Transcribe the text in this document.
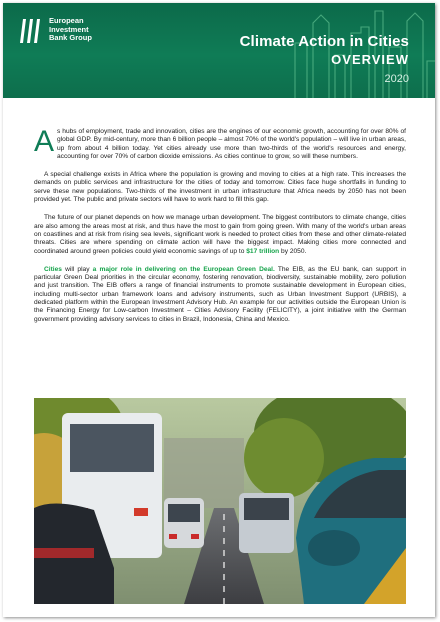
European
Investment
Bank Group	Climate Action in Cities
OVERVIEW
2020

As hubs of employment, trade and innovation, cities are the engines of our economic growth, accounting for over 80% of global GDP. By mid-century, more than 6 billion people – almost 70% of the world's population – will live in urban areas, up from about 4 billion today. Yet cities already use more than two-thirds of the world's resources and energy, accounting for over 70% of carbon dioxide emissions. As cities continue to grow, so will these numbers.

A special challenge exists in Africa where the population is growing and moving to cities at a high rate. This increases the demands on public services and infrastructure for the cities of today and tomorrow. Cities face huge shortfalls in funding to serve these new populations. Two-thirds of the investment in urban infrastructure that Africa needs by 2050 has not been provided yet. The public and private sectors will have to work hard to fill this gap.

The future of our planet depends on how we manage urban development. The biggest contributors to climate change, cities are also among the areas most at risk, and thus have the most to gain from going green. With many of the world's urban areas on coastlines and at risk from rising sea levels, significant work is needed to protect cities from these and other climate-related threats. Cities are where spending on climate action will have the biggest impact. Making cities more connected and coordinated around green policies could yield economic savings of up to $17 trillion by 2050.

Cities will play a major role in delivering on the European Green Deal. The EIB, as the EU bank, can support in particular Green Deal priorities in the circular economy, fostering renovation, biodiversity, sustainable mobility, zero pollution and just transition. The EIB offers a range of financial instruments to promote sustainable development in European cities, including multi-sector urban framework loans and advisory instruments, such as Urban Investment Support (URBIS), a dedicated platform within the European Investment Advisory Hub. An example for our activities outside the European Union is the Financing Energy for Low-carbon Investment – Cities Advisory Facility (FELICITY), a joint initiative with the German government providing advisory services to cities in Brazil, Indonesia, China and Mexico.
